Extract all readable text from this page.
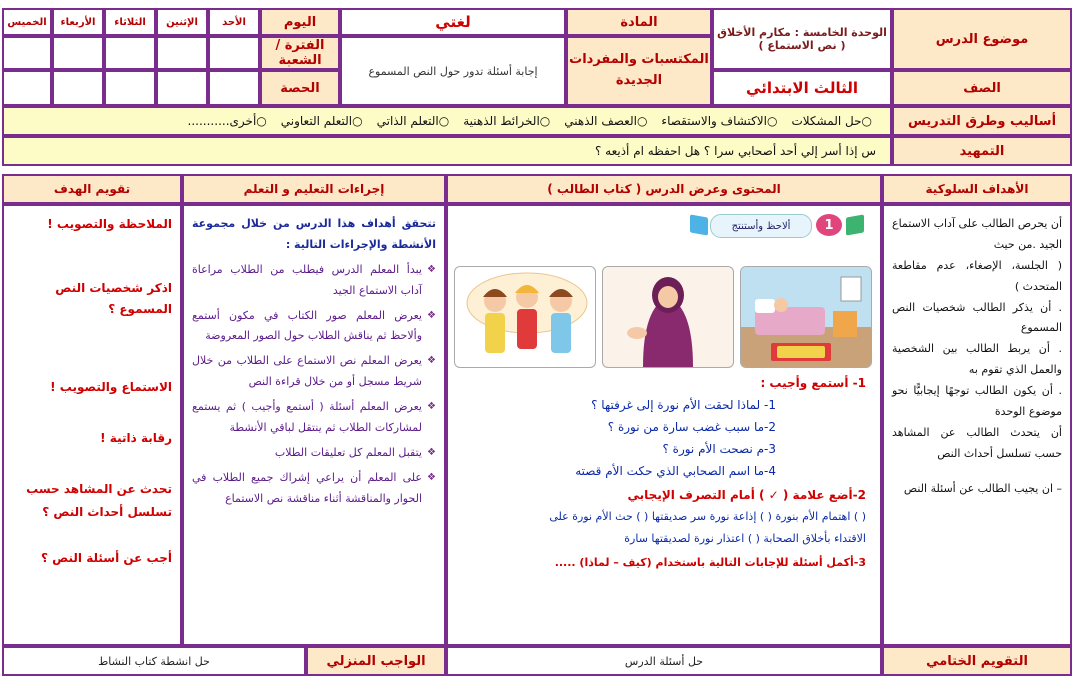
موضوع الدرس
الوحدة الخامسة : مكارم الأخلاق
( نص الاستماع )
المادة
لغتي
اليوم
الأحد
الإثنين
الثلاثاء
الأربعاء
الخميس
إجابة أسئلة تدور حول النص المسموع
المكتسبات والمفردات الجديدة
الفترة / الشعبة
الصف
الثالث الابتدائي
الحصة
أساليب وطرق التدريس
○حل المشكلات
○الاكتشاف والاستقصاء
○العصف الذهني
○الخرائط الذهنية
○التعلم الذاتي
○التعلم التعاوني
○أخرى...........
التمهيد
س إذا أسر إلي أحد أصحابي سرا ؟ هل احفظه ام أذيعه ؟
الأهداف السلوكية
المحتوى وعرض الدرس ( كتاب الطالب )
إجراءات التعليم و التعلم
تقويم الهدف
أن يحرص الطالب على آداب الاستماع الجيد .من حيث
( الجلسة، الإصغاء، عدم مقاطعة المتحدث )
. أن يذكر الطالب شخصيات النص المسموع
. أن يربط الطالب بين الشخصية والعمل الذي تقوم به
. أن يكون الطالب توجهًا إيجابيًّا نحو موضوع الوحدة
أن يتحدث الطالب عن المشاهد حسب تسلسل أحداث النص
– ان يجيب الطالب عن أسئلة النص
1
ألاحظ وأستنتج
1- أستمع وأجيب :
1- لماذا لحقت الأم نورة إلى غرفتها ؟
2-ما سبب غضب سارة من نورة ؟
3-م نصحت الأم نورة ؟
4-ما اسم الصحابي الذي حكت الأم قصته
2-أضع علامة ( ✓ ) أمام التصرف الإيجابي
( ) اهتمام الأم بنورة ( ) إذاعة نورة سر صديقتها ( ) حث الأم نورة على
الاقتداء بأخلاق الصحابة ( ) اعتذار نورة لصديقتها سارة
3-أكمل أسئلة للإجابات التالية باستخدام (كيف – لماذا) .....
تتحقق أهداف هذا الدرس من خلال مجموعة الأنشطة والإجراءات التالية :
❖ يبدأ المعلم الدرس فيطلب من الطلاب مراعاة آداب الاستماع الجيد
❖ يعرض المعلم صور الكتاب في مكون أستمع وألاحظ ثم يناقش الطلاب حول الصور المعروضة
❖ يعرض المعلم نص الاستماع على الطلاب من خلال شريط مسجل أو من خلال قراءة النص
❖ يعرض المعلم أسئلة ( أستمع وأجيب ) ثم يستمع لمشاركات الطلاب ثم ينتقل لباقي الأنشطة
❖ يتقبل المعلم كل تعليقات الطلاب
❖ على المعلم أن يراعي إشراك جميع الطلاب في الحوار والمناقشة أثناء مناقشة نص الاستماع
الملاحظة والتصويب !
اذكر شخصيات النص المسموع ؟
الاستماع والتصويب !
رقابة ذاتية !
تحدث عن المشاهد حسب تسلسل أحداث النص ؟
أجب عن أسئلة النص ؟
التقويم الختامي
حل أسئلة الدرس
الواجب المنزلي
حل انشطة كتاب النشاط
